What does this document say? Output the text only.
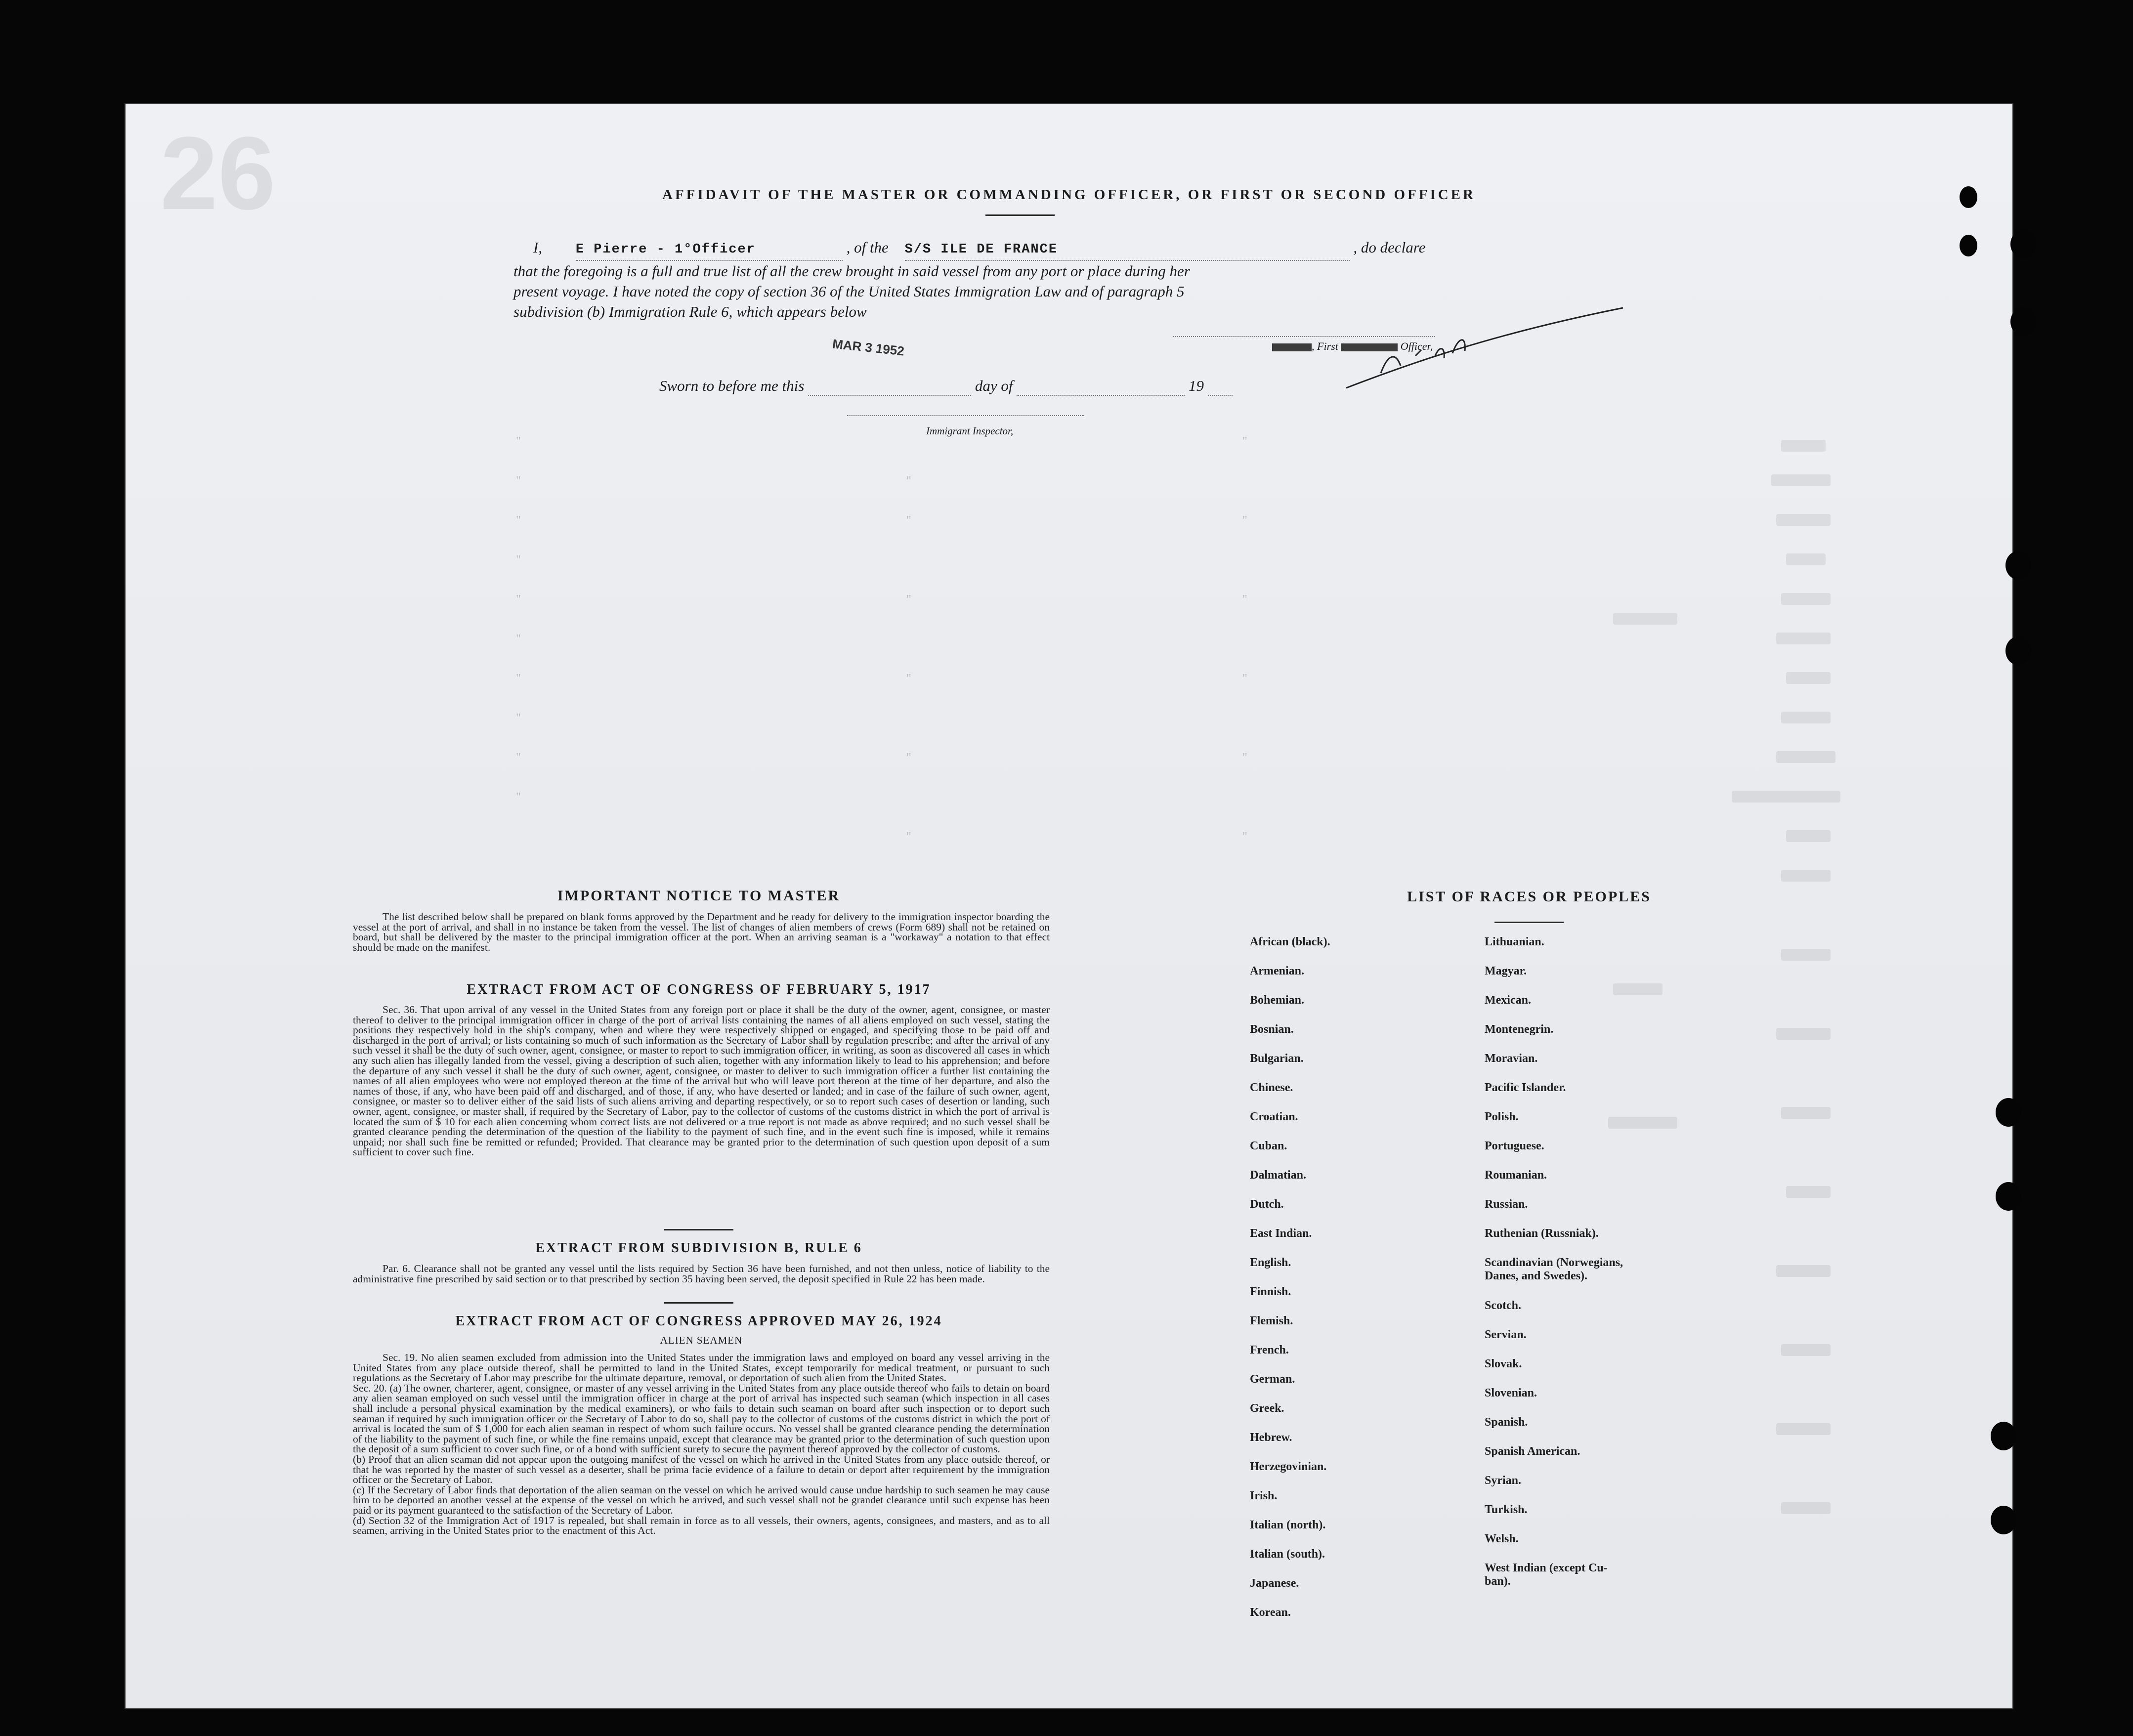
26
"
"
"
"
"
"
"
"
"
"
"
"
"
"
"
"
"
"
"
"
"
"
AFFIDAVIT OF THE MASTER OR COMMANDING OFFICER, OR FIRST OR SECOND OFFICER
I,	E Pierre - 1°Officer	, of the S/S ILE DE FRANCE	, do declare
that the foregoing is a full and true list of all the crew brought in said vessel from any port or place during her
present voyage. I have noted the copy of section 36 of the United States Immigration Law and of paragraph 5
subdivision (b) Immigration Rule 6, which appears below
MAR 3 1952	, First	Officer,
Sworn to before me this	day of	19
Immigrant Inspector,
IMPORTANT NOTICE TO MASTER
The list described below shall be prepared on blank forms approved by the Department and be ready for delivery to the immigration inspector boarding the vessel at the port of arrival, and shall in no instance be taken from the vessel. The list of changes of alien members of crews (Form 689) shall not be retained on board, but shall be delivered by the master to the principal immigration officer at the port. When an arriving seaman is a "workaway" a notation to that effect should be made on the manifest.
EXTRACT FROM ACT OF CONGRESS OF FEBRUARY 5, 1917
Sec. 36. That upon arrival of any vessel in the United States from any foreign port or place it shall be the duty of the owner, agent, consignee, or master thereof to deliver to the principal immigration officer in charge of the port of arrival lists containing the names of all aliens employed on such vessel, stating the positions they respectively hold in the ship's company, when and where they were respectively shipped or engaged, and specifying those to be paid off and discharged in the port of arrival; or lists containing so much of such information as the Secretary of Labor shall by regulation prescribe; and after the arrival of any such vessel it shall be the duty of such owner, agent, consignee, or master to report to such immigration officer, in writing, as soon as discovered all cases in which any such alien has illegally landed from the vessel, giving a description of such alien, together with any information likely to lead to his apprehension; and before the departure of any such vessel it shall be the duty of such owner, agent, consignee, or master to deliver to such immigration officer a further list containing the names of all alien employees who were not employed thereon at the time of the arrival but who will leave port thereon at the time of her departure, and also the names of those, if any, who have been paid off and discharged, and of those, if any, who have deserted or landed; and in case of the failure of such owner, agent, consignee, or master so to deliver either of the said lists of such aliens arriving and departing respectively, or so to report such cases of desertion or landing, such owner, agent, consignee, or master shall, if required by the Secretary of Labor, pay to the collector of customs of the customs district in which the port of arrival is located the sum of $ 10 for each alien concerning whom correct lists are not delivered or a true report is not made as above required; and no such vessel shall be granted clearance pending the determination of the question of the liability to the payment of such fine, and in the event such fine is imposed, while it remains unpaid; nor shall such fine be remitted or refunded; Provided. That clearance may be granted prior to the determination of such question upon deposit of a sum sufficient to cover such fine.
EXTRACT FROM SUBDIVISION B, RULE 6
Par. 6. Clearance shall not be granted any vessel until the lists required by Section 36 have been furnished, and not then unless, notice of liability to the administrative fine prescribed by said section or to that prescribed by section 35 having been served, the deposit specified in Rule 22 has been made.
EXTRACT FROM ACT OF CONGRESS APPROVED MAY 26, 1924
ALIEN SEAMEN
Sec. 19. No alien seamen excluded from admission into the United States under the immigration laws and employed on board any vessel arriving in the United States from any place outside thereof, shall be permitted to land in the United States, except temporarily for medical treatment, or pursuant to such regulations as the Secretary of Labor may prescribe for the ultimate departure, removal, or deportation of such alien from the United States.
Sec. 20. (a) The owner, charterer, agent, consignee, or master of any vessel arriving in the United States from any place outside thereof who fails to detain on board any alien seaman employed on such vessel until the immigration officer in charge at the port of arrival has inspected such seaman (which inspection in all cases shall include a personal physical examination by the medical examiners), or who fails to detain such seaman on board after such inspection or to deport such seaman if required by such immigration officer or the Secretary of Labor to do so, shall pay to the collector of customs of the customs district in which the port of arrival is located the sum of $ 1,000 for each alien seaman in respect of whom such failure occurs. No vessel shall be granted clearance pending the determination of the liability to the payment of such fine, or while the fine remains unpaid, except that clearance may be granted prior to the determination of such question upon the deposit of a sum sufficient to cover such fine, or of a bond with sufficient surety to secure the payment thereof approved by the collector of customs.
(b) Proof that an alien seaman did not appear upon the outgoing manifest of the vessel on which he arrived in the United States from any place outside thereof, or that he was reported by the master of such vessel as a deserter, shall be prima facie evidence of a failure to detain or deport after requirement by the immigration officer or the Secretary of Labor.
(c) If the Secretary of Labor finds that deportation of the alien seaman on the vessel on which he arrived would cause undue hardship to such seamen he may cause him to be deported an another vessel at the expense of the vessel on which he arrived, and such vessel shall not be grandet clearance until such expense has been paid or its payment guaranteed to the satisfaction of the Secretary of Labor.
(d) Section 32 of the Immigration Act of 1917 is repealed, but shall remain in force as to all vessels, their owners, agents, consignees, and masters, and as to all seamen, arriving in the United States prior to the enactment of this Act.
LIST OF RACES OR PEOPLES
African (black).
Armenian.
Bohemian.
Bosnian.
Bulgarian.
Chinese.
Croatian.
Cuban.
Dalmatian.
Dutch.
East Indian.
English.
Finnish.
Flemish.
French.
German.
Greek.
Hebrew.
Herzegovinian.
Irish.
Italian (north).
Italian (south).
Japanese.
Korean.
Lithuanian.
Magyar.
Mexican.
Montenegrin.
Moravian.
Pacific Islander.
Polish.
Portuguese.
Roumanian.
Russian.
Ruthenian (Russniak).
Scandinavian (Norwegians,
Danes, and Swedes).
Scotch.
Servian.
Slovak.
Slovenian.
Spanish.
Spanish American.
Syrian.
Turkish.
Welsh.
West Indian (except Cu-
ban).
